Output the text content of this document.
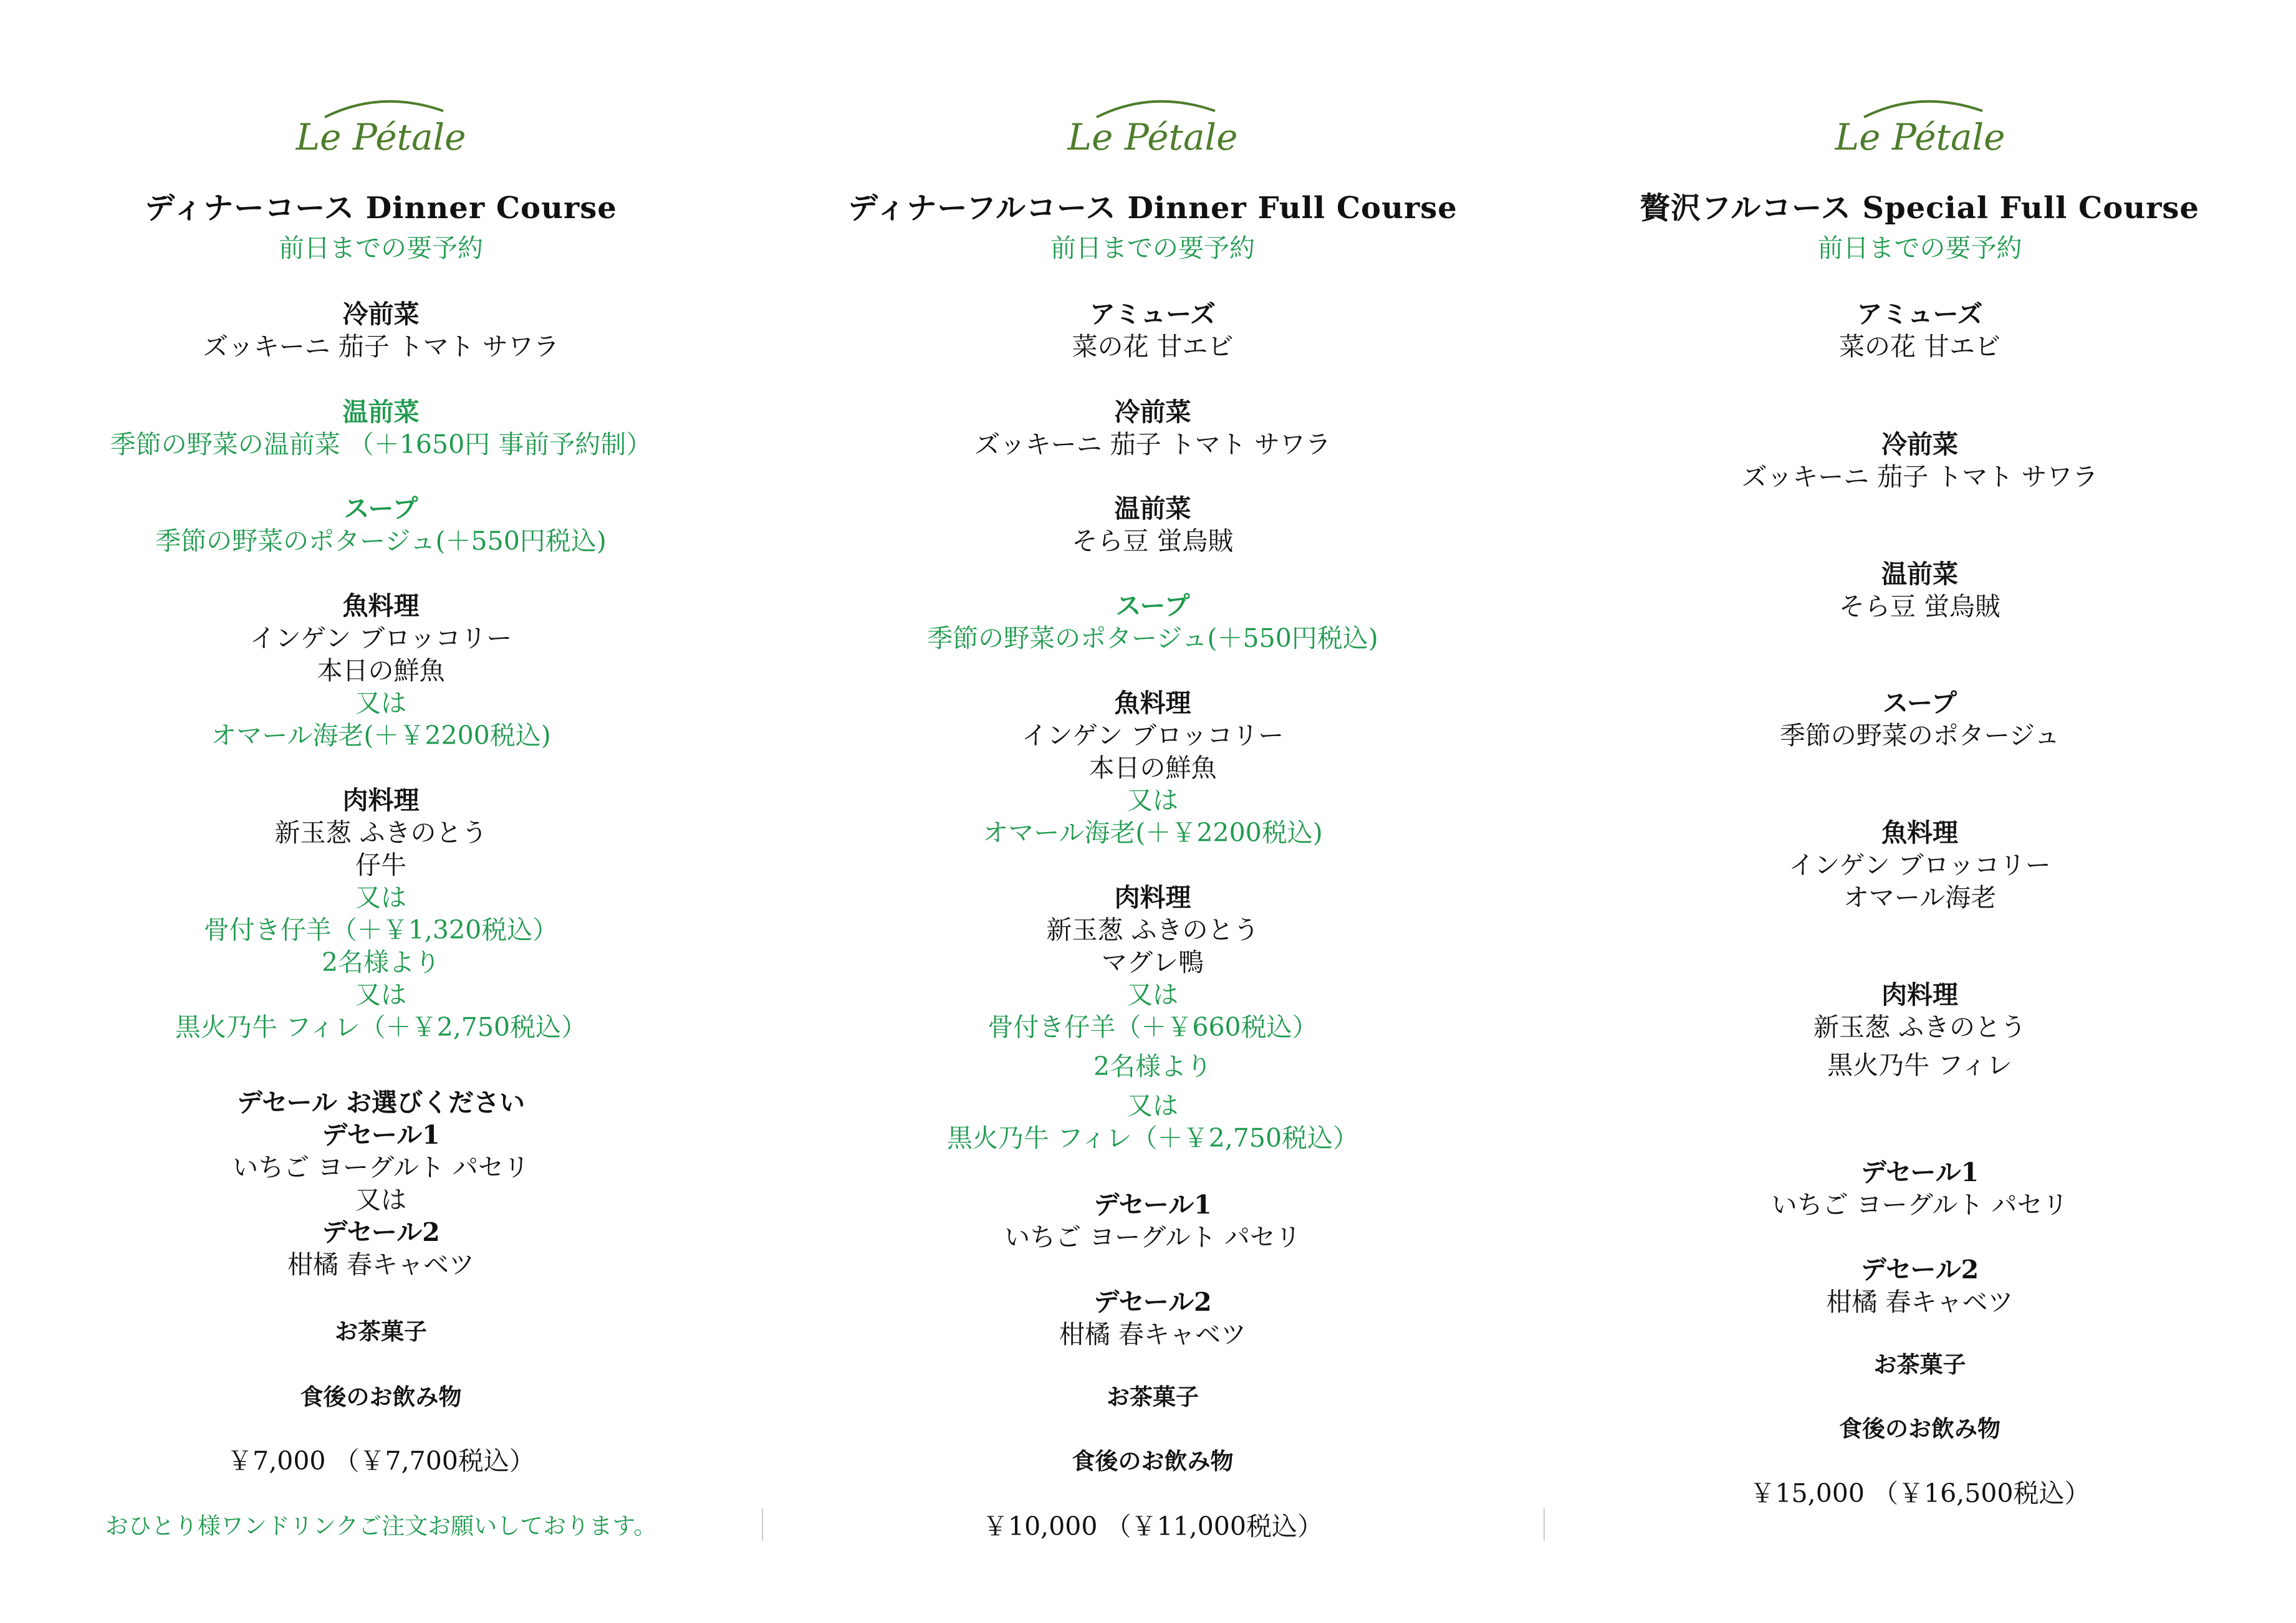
Le Pétale
ディナーコース Dinner Course
前日までの要予約
冷前菜
ズッキーニ 茄子 トマト サワラ
温前菜
季節の野菜の温前菜 （＋1650円 事前予約制）
スープ
季節の野菜のポタージュ(＋550円税込)
魚料理
インゲン ブロッコリー
本日の鮮魚
又は
オマール海老(＋￥2200税込)
肉料理
新玉葱 ふきのとう
仔牛
又は
骨付き仔羊（＋￥1,320税込）
2名様より
又は
黒火乃牛 フィレ（＋￥2,750税込）
デセール お選びください
デセール1
いちご ヨーグルト パセリ
又は
デセール2
柑橘 春キャベツ
お茶菓子
食後のお飲み物
￥7,000 （￥7,700税込）
おひとり様ワンドリンクご注文お願いしております。
Le Pétale
ディナーフルコース Dinner Full Course
前日までの要予約
アミューズ
菜の花 甘エビ
冷前菜
ズッキーニ 茄子 トマト サワラ
温前菜
そら豆 蛍烏賊
スープ
季節の野菜のポタージュ(＋550円税込)
魚料理
インゲン ブロッコリー
本日の鮮魚
又は
オマール海老(＋￥2200税込)
肉料理
新玉葱 ふきのとう
マグレ鴨
又は
骨付き仔羊（＋￥660税込）
2名様より
又は
黒火乃牛 フィレ（＋￥2,750税込）
デセール1
いちご ヨーグルト パセリ
デセール2
柑橘 春キャベツ
お茶菓子
食後のお飲み物
￥10,000 （￥11,000税込）
Le Pétale
贅沢フルコース Special Full Course
前日までの要予約
アミューズ
菜の花 甘エビ
冷前菜
ズッキーニ 茄子 トマト サワラ
温前菜
そら豆 蛍烏賊
スープ
季節の野菜のポタージュ
魚料理
インゲン ブロッコリー
オマール海老
肉料理
新玉葱 ふきのとう
黒火乃牛 フィレ
デセール1
いちご ヨーグルト パセリ
デセール2
柑橘 春キャベツ
お茶菓子
食後のお飲み物
￥15,000 （￥16,500税込）
